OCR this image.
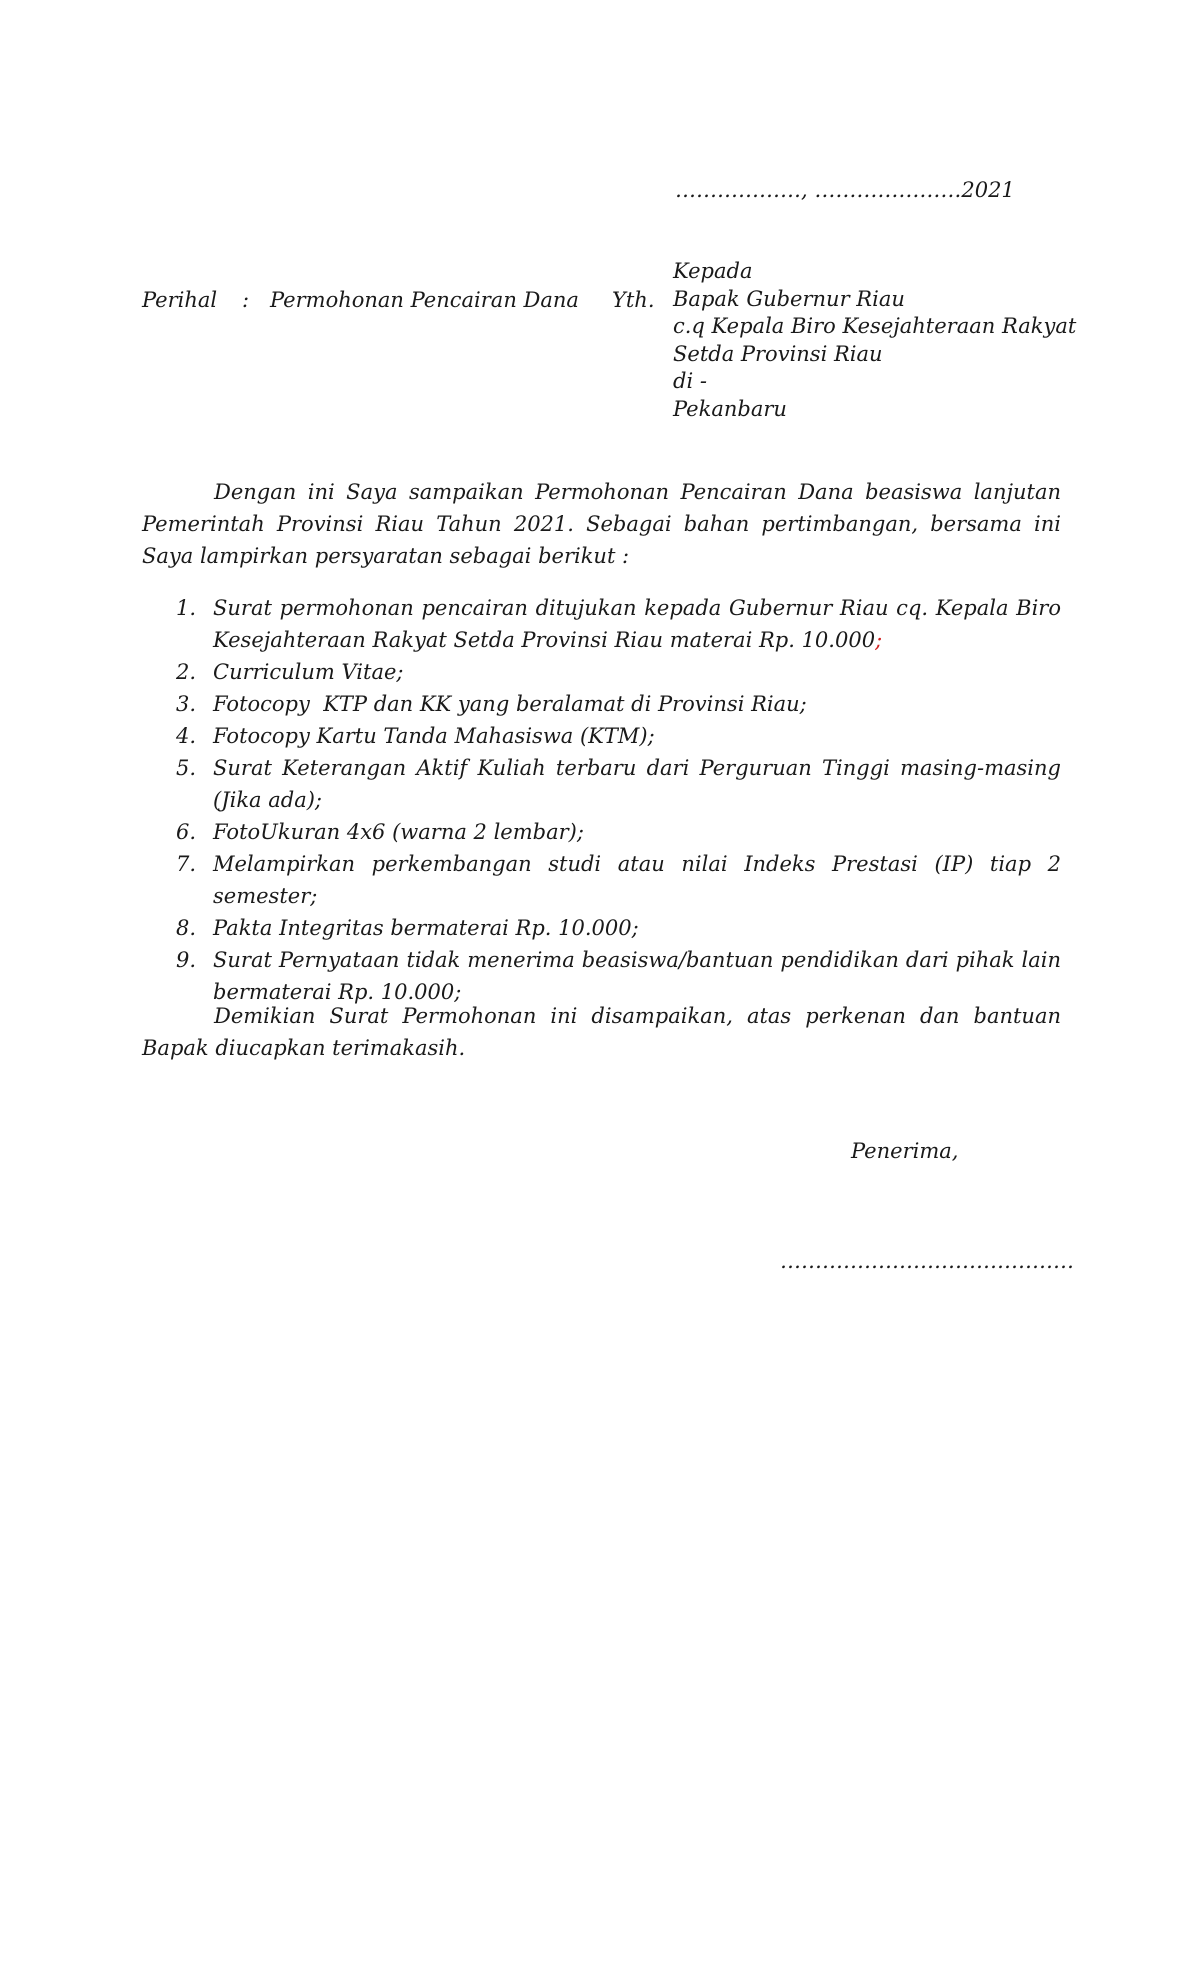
………………, …………………2021
Perihal : Permohonan Pencairan Dana Yth.
Kepada
Bapak Gubernur Riau
c.q Kepala Biro Kesejahteraan Rakyat
Setda Provinsi Riau
di -
Pekanbaru

Dengan ini Saya sampaikan Permohonan Pencairan Dana beasiswa lanjutan Pemerintah Provinsi Riau Tahun 2021. Sebagai bahan pertimbangan, bersama ini Saya lampirkan persyaratan sebagai berikut :

1. Surat permohonan pencairan ditujukan kepada Gubernur Riau cq. Kepala Biro Kesejahteraan Rakyat Setda Provinsi Riau materai Rp. 10.000;
2. Curriculum Vitae;
3. Fotocopy  KTP dan KK yang beralamat di Provinsi Riau;
4. Fotocopy Kartu Tanda Mahasiswa (KTM);
5. Surat Keterangan Aktif Kuliah terbaru dari Perguruan Tinggi masing-masing (Jika ada);
6. FotoUkuran 4x6 (warna 2 lembar);
7. Melampirkan perkembangan studi atau nilai Indeks Prestasi (IP) tiap 2 semester;
8. Pakta Integritas bermaterai Rp. 10.000;
9. Surat Pernyataan tidak menerima beasiswa/bantuan pendidikan dari pihak lain bermaterai Rp. 10.000;

Demikian Surat Permohonan ini disampaikan, atas perkenan dan bantuan Bapak diucapkan terimakasih.

Penerima,
……………………………………
